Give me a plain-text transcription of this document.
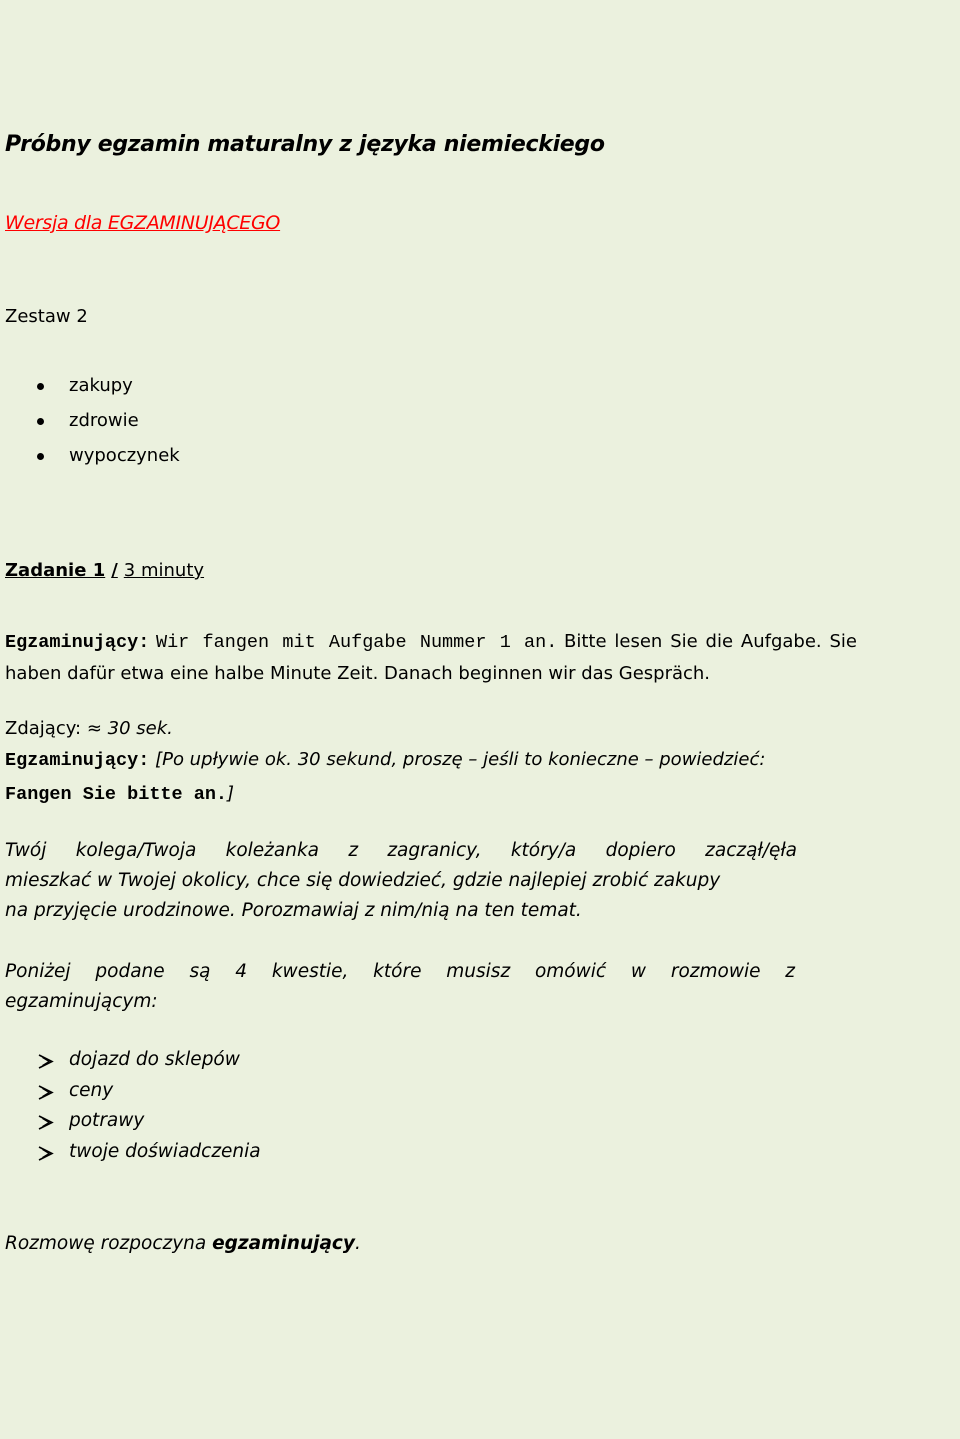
Próbny egzamin maturalny z języka niemieckiego
Wersja dla EGZAMINUJĄCEGO
Zestaw 2
zakupy
zdrowie
wypoczynek
Zadanie 1 / 3 minuty
Egzaminujący: Wir fangen mit Aufgabe Nummer 1 an. Bitte lesen Sie die Aufgabe. Sie haben dafür etwa eine halbe Minute Zeit. Danach beginnen wir das Gespräch.
Zdający: ≈ 30 sek.
Egzaminujący: [Po upływie ok. 30 sekund, proszę – jeśli to konieczne – powiedzieć:
Fangen Sie bitte an.]
Twój kolega/Twoja koleżanka z zagranicy, który/a dopiero zaczął/ęła
mieszkać w Twojej okolicy, chce się dowiedzieć, gdzie najlepiej zrobić zakupy
na przyjęcie urodzinowe. Porozmawiaj z nim/nią na ten temat.
Poniżej podane są 4 kwestie, które musisz omówić w rozmowie z
egzaminującym:
dojazd do sklepów
ceny
potrawy
twoje doświadczenia
Rozmowę rozpoczyna egzaminujący.
